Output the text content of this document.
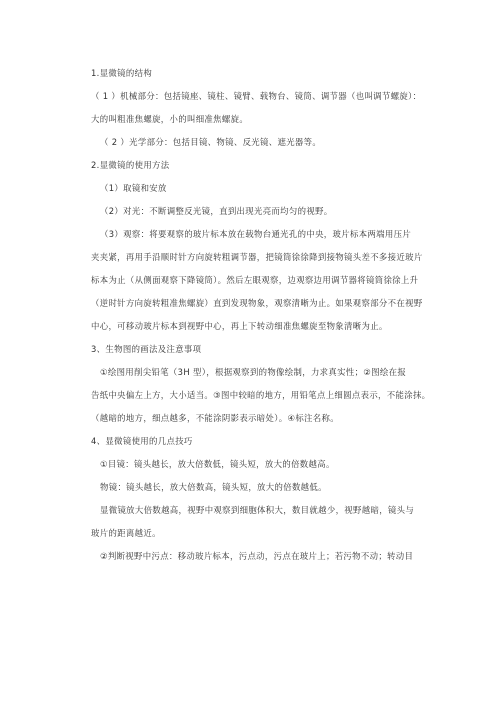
1.显微镜的结构

（ 1 ）机械部分：包括镜座、镜柱、镜臂、载物台、镜筒、调节器（也叫调节螺旋）：

大的叫粗准焦螺旋，小的叫细准焦螺旋。

（ 2 ）光学部分：包括目镜、物镜、反光镜、遮光器等。

2.显微镜的使用方法

（1）取镜和安放

（2）对光：不断调整反光镜，直到出现光亮而均匀的视野。

（3）观察：将要观察的玻片标本放在载物台通光孔的中央，玻片标本两端用压片

夹夹紧，再用手沿顺时针方向旋转粗调节器，把镜筒徐徐降到接物镜头差不多接近玻片

标本为止（从侧面观察下降镜筒）。然后左眼观察，边观察边用调节器将镜筒徐徐上升

（逆时针方向旋转粗准焦螺旋）直到发现物象，观察清晰为止。如果观察部分不在视野

中心，可移动玻片标本到视野中心，再上下转动细准焦螺旋至物象清晰为止。

3、生物图的画法及注意事项

①绘图用削尖铅笔（3H 型），根据观察到的物像绘制，力求真实性；②图绘在报

告纸中央偏左上方，大小适当。③图中较暗的地方，用铅笔点上细圆点表示，不能涂抹。

（越暗的地方，细点越多，不能涂阴影表示暗处）。④标注名称。

4、显微镜使用的几点技巧

①目镜：镜头越长，放大倍数低，镜头短，放大的倍数越高。

物镜：镜头越长，放大倍数高，镜头短，放大的倍数越低。

显微镜放大倍数越高，视野中观察到细胞体积大，数目就越少，视野越暗，镜头与

玻片的距离越近。

②判断视野中污点：移动玻片标本，污点动，污点在玻片上；若污物不动；转动目
